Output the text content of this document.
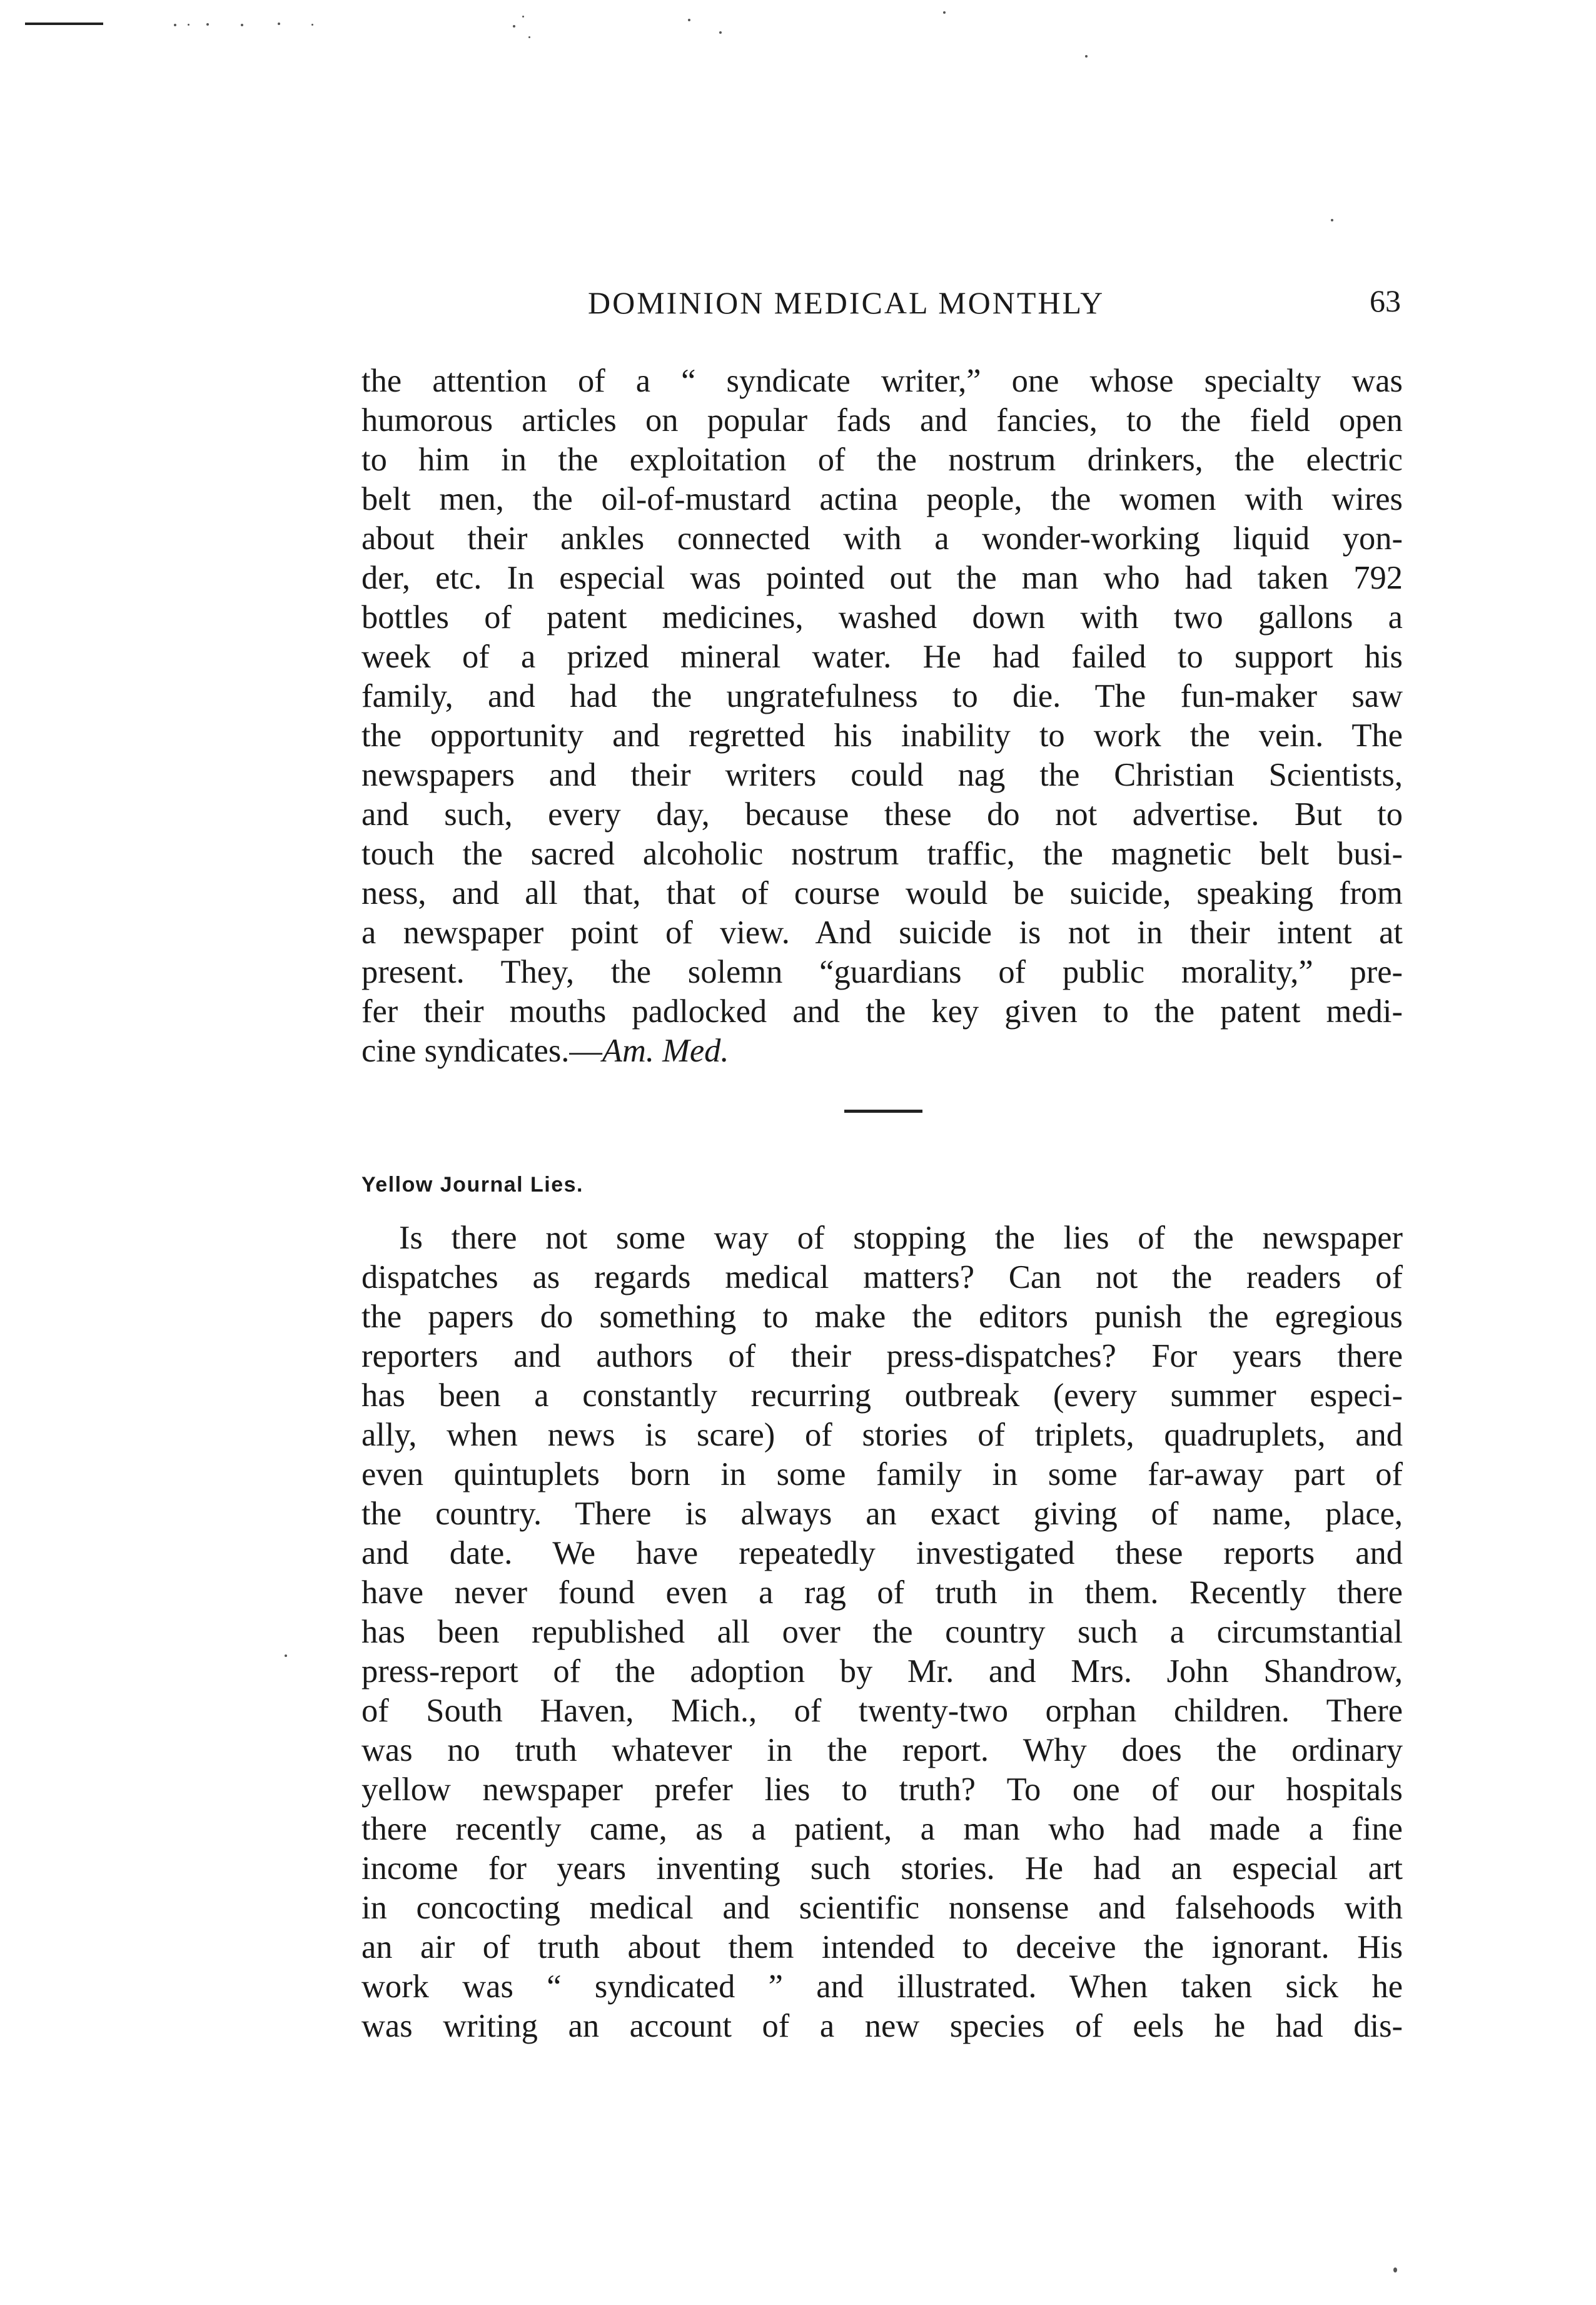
DOMINION MEDICAL MONTHLY	63
the attention of a “ syndicate writer,” one whose specialty was
humorous articles on popular fads and fancies, to the field open
to him in the exploitation of the nostrum drinkers, the electric
belt men, the oil-of-mustard actina people, the women with wires
about their ankles connected with a wonder-working liquid yon-
der, etc. In especial was pointed out the man who had taken 792
bottles of patent medicines, washed down with two gallons a
week of a prized mineral water. He had failed to support his
family, and had the ungratefulness to die. The fun-maker saw
the opportunity and regretted his inability to work the vein. The
newspapers and their writers could nag the Christian Scientists,
and such, every day, because these do not advertise. But to
touch the sacred alcoholic nostrum traffic, the magnetic belt busi-
ness, and all that, that of course would be suicide, speaking from
a newspaper point of view. And suicide is not in their intent at
present. They, the solemn “guardians of public morality,” pre-
fer their mouths padlocked and the key given to the patent medi-
cine syndicates.—Am. Med.
Yellow Journal Lies.
Is there not some way of stopping the lies of the newspaper
dispatches as regards medical matters? Can not the readers of
the papers do something to make the editors punish the egregious
reporters and authors of their press-dispatches? For years there
has been a constantly recurring outbreak (every summer especi-
ally, when news is scare) of stories of triplets, quadruplets, and
even quintuplets born in some family in some far-away part of
the country. There is always an exact giving of name, place,
and date. We have repeatedly investigated these reports and
have never found even a rag of truth in them. Recently there
has been republished all over the country such a circumstantial
press-report of the adoption by Mr. and Mrs. John Shandrow,
of South Haven, Mich., of twenty-two orphan children. There
was no truth whatever in the report. Why does the ordinary
yellow newspaper prefer lies to truth? To one of our hospitals
there recently came, as a patient, a man who had made a fine
income for years inventing such stories. He had an especial art
in concocting medical and scientific nonsense and falsehoods with
an air of truth about them intended to deceive the ignorant. His
work was “ syndicated ” and illustrated. When taken sick he
was writing an account of a new species of eels he had dis-
